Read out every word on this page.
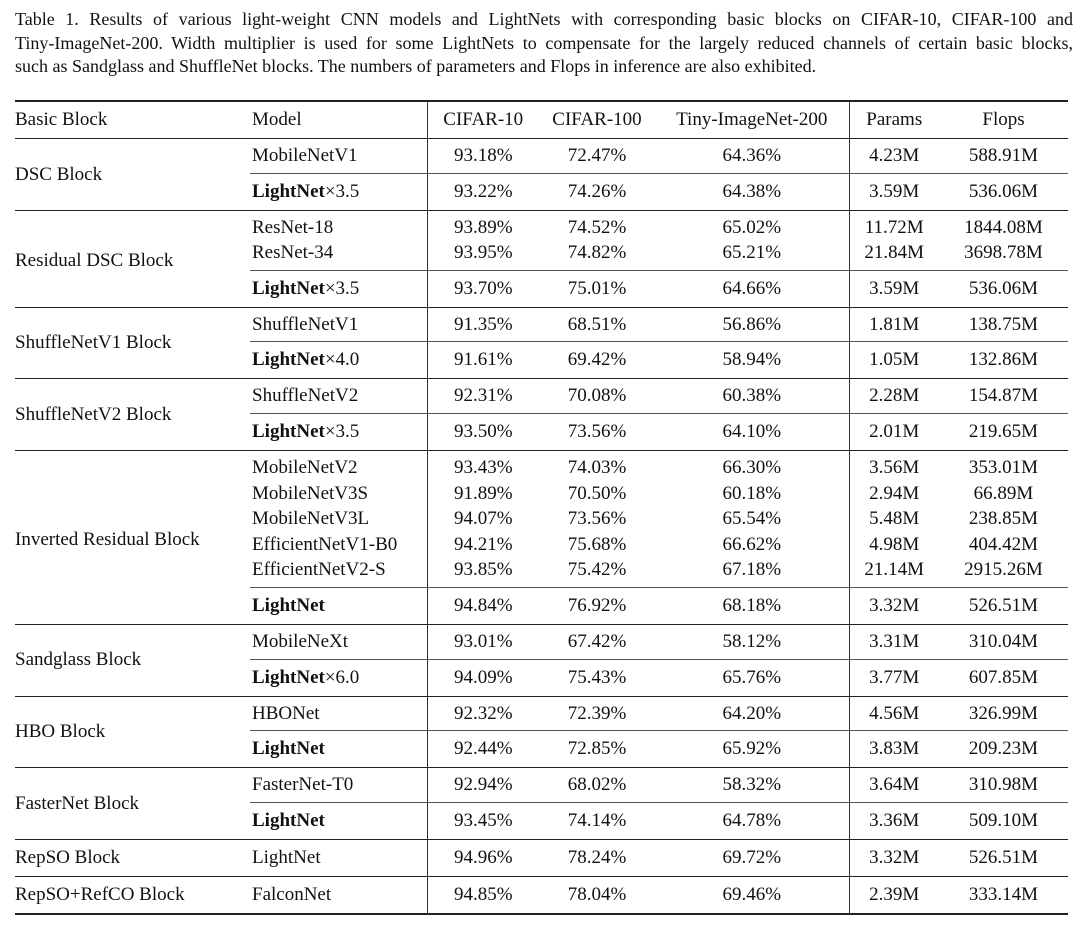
Table 1. Results of various light-weight CNN models and LightNets with corresponding basic blocks on CIFAR-10, CIFAR-100 and
Tiny-ImageNet-200. Width multiplier is used for some LightNets to compensate for the largely reduced channels of certain basic blocks,
such as Sandglass and ShuffleNet blocks. The numbers of parameters and Flops in inference are also exhibited.
Basic Block	Model	CIFAR-10	CIFAR-100	Tiny-ImageNet-200	Params	Flops
DSC Block	MobileNetV1	93.18%	72.47%	64.36%	4.23M	588.91M
	LightNet×3.5	93.22%	74.26%	64.38%	3.59M	536.06M
Residual DSC Block	ResNet-18	93.89%	74.52%	65.02%	11.72M	1844.08M
	ResNet-34	93.95%	74.82%	65.21%	21.84M	3698.78M
	LightNet×3.5	93.70%	75.01%	64.66%	3.59M	536.06M
ShuffleNetV1 Block	ShuffleNetV1	91.35%	68.51%	56.86%	1.81M	138.75M
	LightNet×4.0	91.61%	69.42%	58.94%	1.05M	132.86M
ShuffleNetV2 Block	ShuffleNetV2	92.31%	70.08%	60.38%	2.28M	154.87M
	LightNet×3.5	93.50%	73.56%	64.10%	2.01M	219.65M
Inverted Residual Block	MobileNetV2	93.43%	74.03%	66.30%	3.56M	353.01M
	MobileNetV3S	91.89%	70.50%	60.18%	2.94M	66.89M
	MobileNetV3L	94.07%	73.56%	65.54%	5.48M	238.85M
	EfficientNetV1-B0	94.21%	75.68%	66.62%	4.98M	404.42M
	EfficientNetV2-S	93.85%	75.42%	67.18%	21.14M	2915.26M
	LightNet	94.84%	76.92%	68.18%	3.32M	526.51M
Sandglass Block	MobileNeXt	93.01%	67.42%	58.12%	3.31M	310.04M
	LightNet×6.0	94.09%	75.43%	65.76%	3.77M	607.85M
HBO Block	HBONet	92.32%	72.39%	64.20%	4.56M	326.99M
	LightNet	92.44%	72.85%	65.92%	3.83M	209.23M
FasterNet Block	FasterNet-T0	92.94%	68.02%	58.32%	3.64M	310.98M
	LightNet	93.45%	74.14%	64.78%	3.36M	509.10M
RepSO Block	LightNet	94.96%	78.24%	69.72%	3.32M	526.51M
RepSO+RefCO Block	FalconNet	94.85%	78.04%	69.46%	2.39M	333.14M
